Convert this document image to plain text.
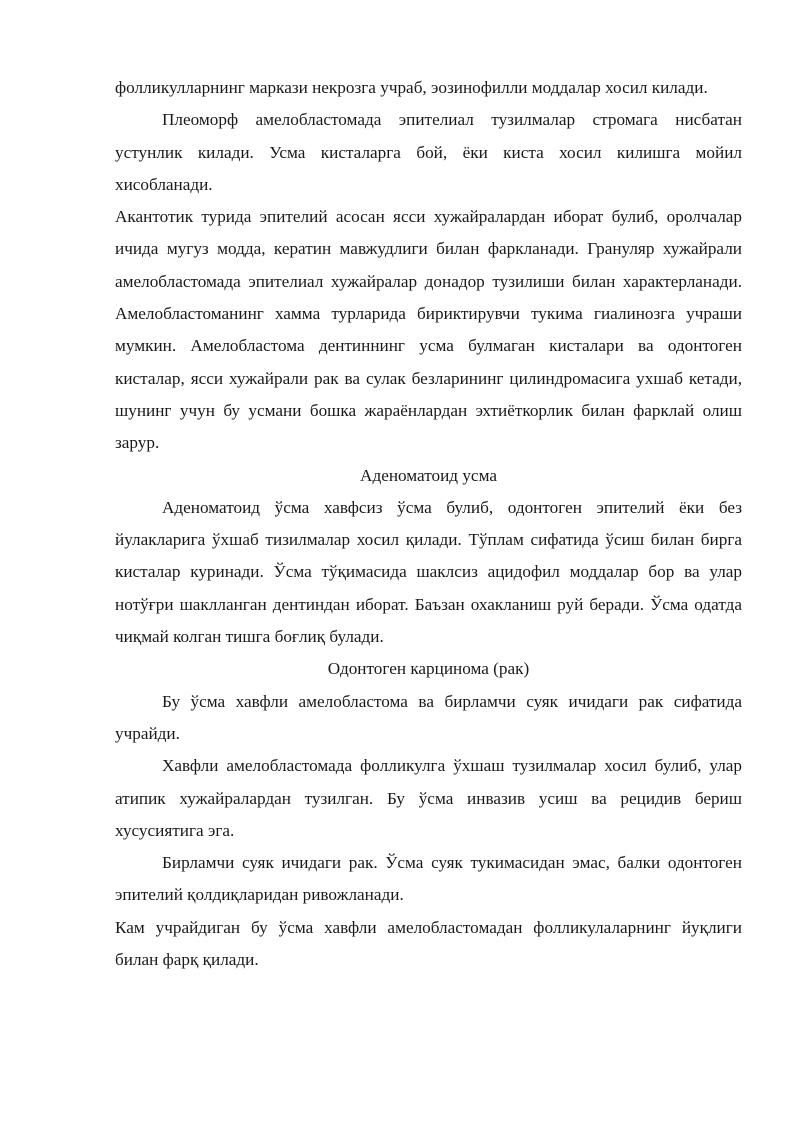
фолликулларнинг маркази некрозга учраб, эозинофилли моддалар хосил килади.

Плеоморф амелобластомада эпителиал тузилмалар стромага нисбатан устунлик килади. Усма кисталарга бой, ёки киста хосил килишга мойил хисобланади.

Акантотик турида эпителий асосан ясси хужайралардан иборат булиб, оролчалар ичида мугуз модда, кератин мавжудлиги билан фаркланади. Грануляр хужайрали амелобластомада эпителиал хужайралар донадор тузилиши билан характерланади. Амелобластоманинг хамма турларида бириктирувчи тукима гиалинозга учраши мумкин. Амелобластома дентиннинг усма булмаган кисталари ва одонтоген кисталар, ясси хужайрали рак ва сулак безларининг цилиндромасига ухшаб кетади, шунинг учун бу усмани бошка жараёнлардан эхтиёткорлик билан фарклай олиш зарур.

Аденоматоид усма

Аденоматоид ўсма хавфсиз ўсма булиб, одонтоген эпителий ёки без йулакларига ўхшаб тизилмалар хосил қилади. Тўплам сифатида ўсиш билан бирга кисталар куринади. Ўсма тўқимасида шаклсиз ацидофил моддалар бор ва улар нотўғри шаклланган дентиндан иборат. Баъзан охакланиш руй беради. Ўсма одатда чиқмай колган тишга боғлиқ булади.

Одонтоген карцинома (рак)

Бу ўсма хавфли амелобластома ва бирламчи суяк ичидаги рак сифатида учрайди.

Хавфли амелобластомада фолликулга ўхшаш тузилмалар хосил булиб, улар атипик хужайралардан тузилган. Бу ўсма инвазив усиш ва рецидив бериш хусусиятига эга.

Бирламчи суяк ичидаги рак. Ўсма суяк тукимасидан эмас, балки одонтоген эпителий қолдиқларидан ривожланади.

Кам учрайдиган бу ўсма хавфли амелобластомадан фолликулаларнинг йуқлиги билан фарқ қилади.
